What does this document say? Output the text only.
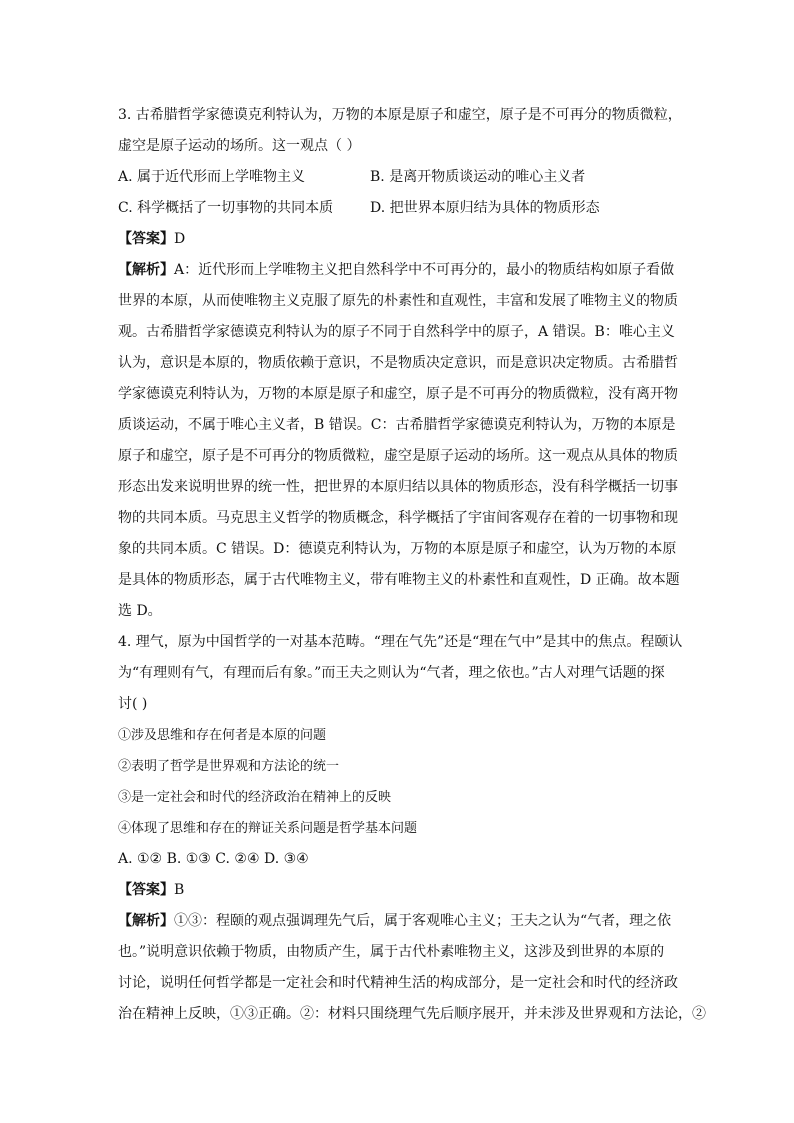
3. 古希腊哲学家德谟克利特认为，万物的本原是原子和虚空，原子是不可再分的物质微粒，
虚空是原子运动的场所。这一观点（ ）
A. 属于近代形而上学唯物主义	B. 是离开物质谈运动的唯心主义者
C. 科学概括了一切事物的共同本质	D. 把世界本原归结为具体的物质形态
【答案】D
【解析】A：近代形而上学唯物主义把自然科学中不可再分的，最小的物质结构如原子看做
世界的本原，从而使唯物主义克服了原先的朴素性和直观性，丰富和发展了唯物主义的物质
观。古希腊哲学家德谟克利特认为的原子不同于自然科学中的原子，A 错误。B：唯心主义
认为，意识是本原的，物质依赖于意识，不是物质决定意识，而是意识决定物质。古希腊哲
学家德谟克利特认为，万物的本原是原子和虚空，原子是不可再分的物质微粒，没有离开物
质谈运动，不属于唯心主义者，B 错误。C：古希腊哲学家德谟克利特认为，万物的本原是
原子和虚空，原子是不可再分的物质微粒，虚空是原子运动的场所。这一观点从具体的物质
形态出发来说明世界的统一性，把世界的本原归结以具体的物质形态，没有科学概括一切事
物的共同本质。马克思主义哲学的物质概念，科学概括了宇宙间客观存在着的一切事物和现
象的共同本质。C 错误。D：德谟克利特认为，万物的本原是原子和虚空，认为万物的本原
是具体的物质形态，属于古代唯物主义，带有唯物主义的朴素性和直观性，D 正确。故本题
选 D。
4. 理气，原为中国哲学的一对基本范畴。“理在气先”还是“理在气中”是其中的焦点。程颐认
为“有理则有气，有理而后有象。”而王夫之则认为“气者，理之依也。”古人对理气话题的探
讨( )
①涉及思维和存在何者是本原的问题
②表明了哲学是世界观和方法论的统一
③是一定社会和时代的经济政治在精神上的反映
④体现了思维和存在的辩证关系问题是哲学基本问题
A. ①② B. ①③ C. ②④ D. ③④
【答案】B
【解析】①③：程颐的观点强调理先气后，属于客观唯心主义；王夫之认为“气者，理之依
也。”说明意识依赖于物质，由物质产生，属于古代朴素唯物主义，这涉及到世界的本原的
讨论，说明任何哲学都是一定社会和时代精神生活的构成部分，是一定社会和时代的经济政
治在精神上反映，①③正确。②：材料只围绕理气先后顺序展开，并未涉及世界观和方法论，②
